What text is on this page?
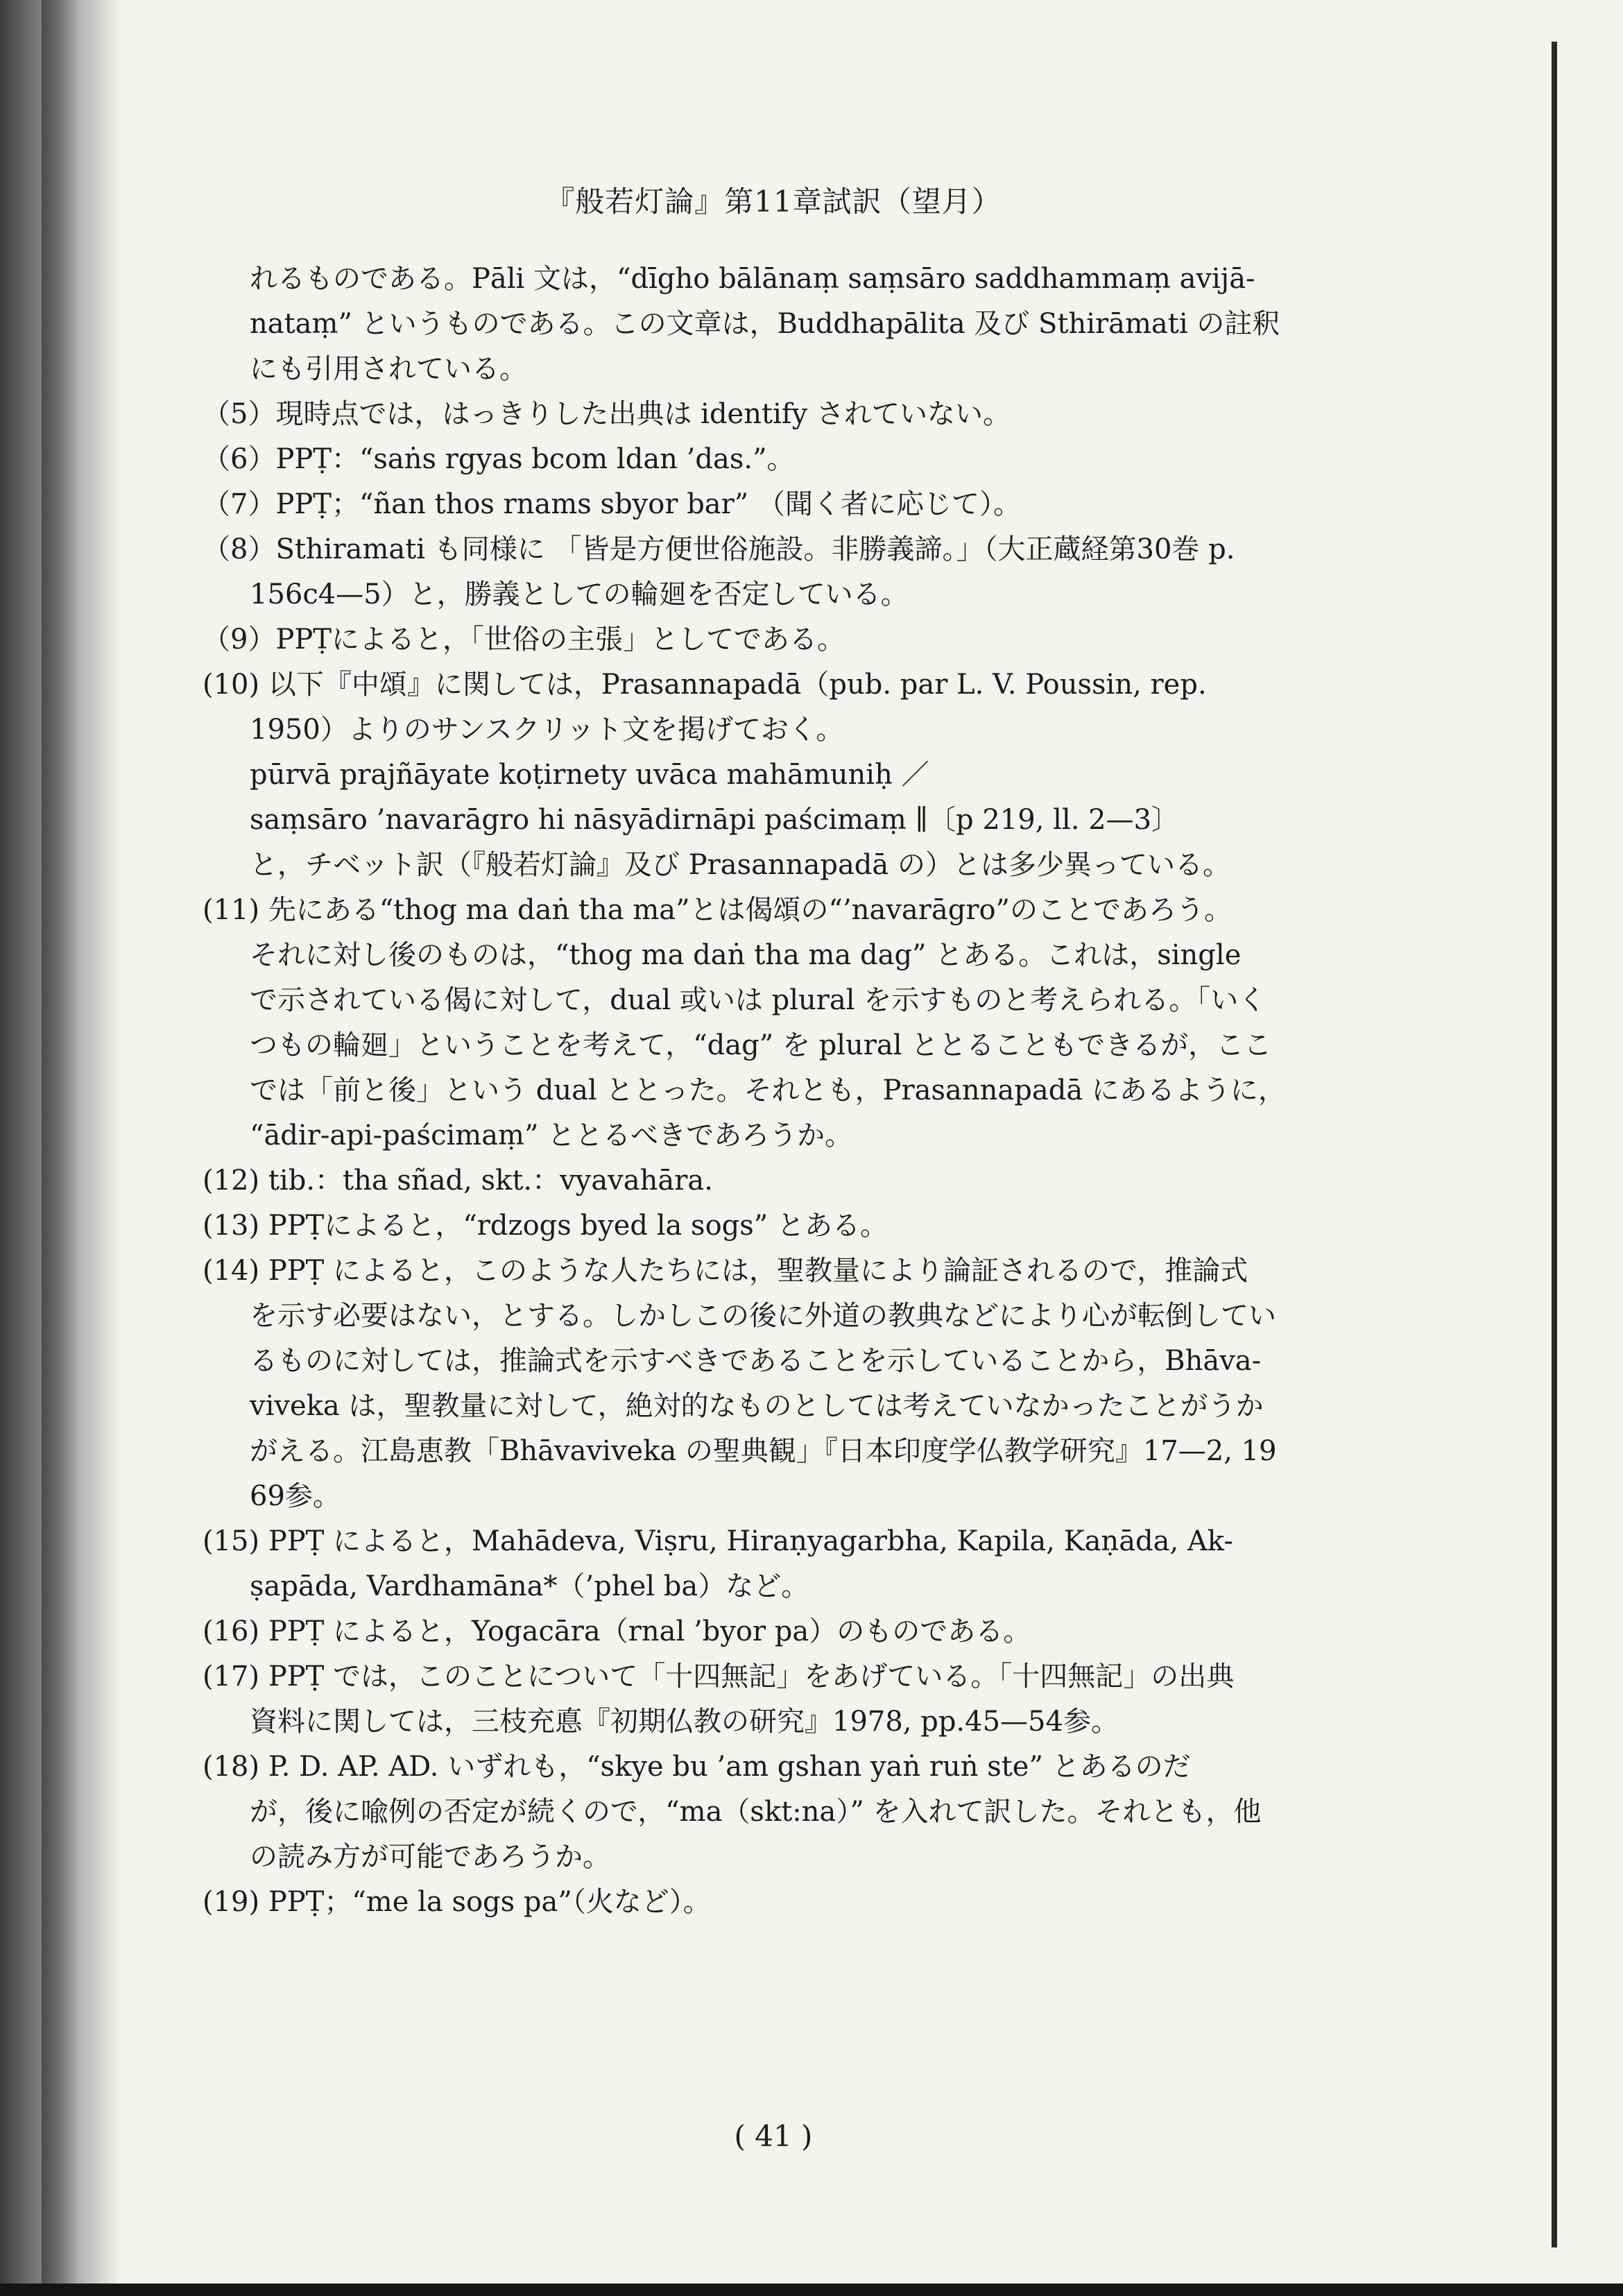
『般若灯論』第11章試訳（望月）
れるものである。Pāli 文は，“dīgho bālānaṃ saṃsāro saddhammaṃ avijā-
nataṃ” というものである。この文章は，Buddhapālita 及び Sthirāmati の註釈
にも引用されている。
（5）現時点では，はっきりした出典は identify されていない。
（6）PPṬ：“saṅs rgyas bcom ldan ’das.”。
（7）PPṬ；“ñan thos rnams sbyor bar” （聞く者に応じて）。
（8）Sthiramati も同様に 「皆是方便世俗施設。非勝義諦。」（大正蔵経第30巻 p.
156c4—5）と，勝義としての輪廻を否定している。
（9）PPṬによると，「世俗の主張」としてである。
(10) 以下『中頌』に関しては，Prasannapadā（pub. par L. V. Poussin, rep.
1950）よりのサンスクリット文を掲げておく。
pūrvā prajñāyate koṭirnety uvāca mahāmuniḥ ／
saṃsāro ’navarāgro hi nāsyādirnāpi paścimaṃ ∥〔p 219, ll. 2—3〕
と，チベット訳（『般若灯論』及び Prasannapadā の）とは多少異っている。
(11) 先にある“thog ma daṅ tha ma”とは偈頌の“’navarāgro”のことであろう。
それに対し後のものは，“thog ma daṅ tha ma dag” とある。これは，single
で示されている偈に対して，dual 或いは plural を示すものと考えられる。「いく
つもの輪廻」ということを考えて，“dag” を plural ととることもできるが，ここ
では「前と後」という dual ととった。それとも，Prasannapadā にあるように，
“ādir-api-paścimaṃ” ととるべきであろうか。
(12) tib.：tha sñad, skt.：vyavahāra.
(13) PPṬによると，“rdzogs byed la sogs” とある。
(14) PPṬ によると，このような人たちには，聖教量により論証されるので，推論式
を示す必要はない，とする。しかしこの後に外道の教典などにより心が転倒してい
るものに対しては，推論式を示すべきであることを示していることから，Bhāva-
viveka は，聖教量に対して，絶対的なものとしては考えていなかったことがうか
がえる。江島恵教「Bhāvaviveka の聖典観」『日本印度学仏教学研究』17—2, 19
69参。
(15) PPṬ によると，Mahādeva, Viṣru, Hiraṇyagarbha, Kapila, Kaṇāda, Ak-
ṣapāda, Vardhamāna*（’phel ba）など。
(16) PPṬ によると，Yogacāra（rnal ’byor pa）のものである。
(17) PPṬ では，このことについて「十四無記」をあげている。「十四無記」の出典
資料に関しては，三枝充悳『初期仏教の研究』1978, pp.45—54参。
(18) P. D. AP. AD. いずれも，“skye bu ’am gshan yaṅ ruṅ ste” とあるのだ
が，後に喩例の否定が続くので，“ma（skt:na）” を入れて訳した。それとも，他
の読み方が可能であろうか。
(19) PPṬ；“me la sogs pa”（火など）。
( 41 )
